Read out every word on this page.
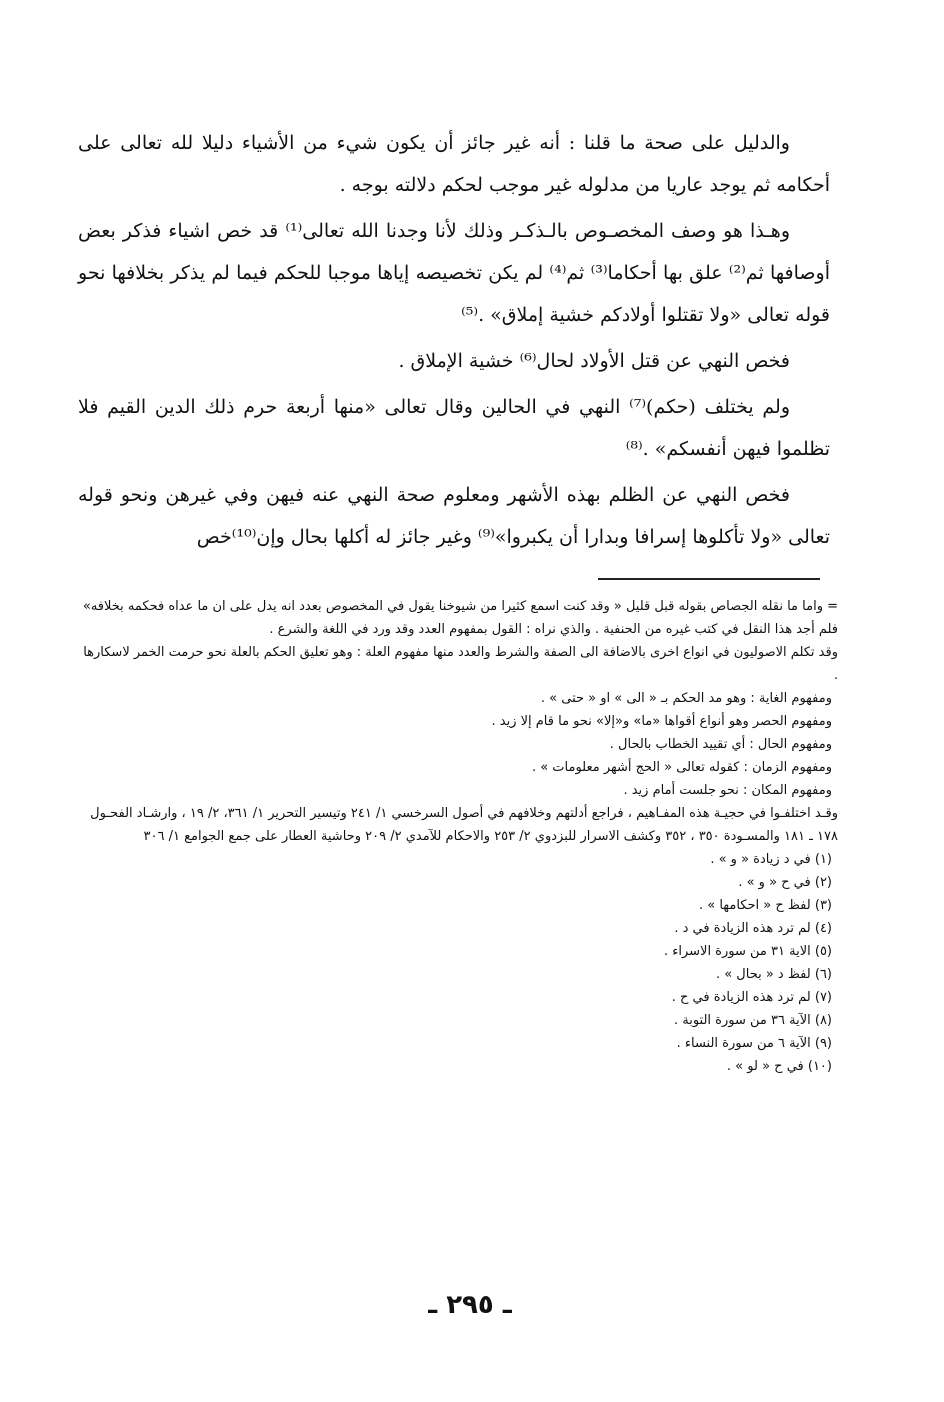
والدليل على صحة ما قلنا : أنه غير جائز أن يكون شيء من الأشياء دليلا لله تعالى على أحكامه ثم يوجد عاريا من مدلوله غير موجب لحكم دلالته بوجه .

وهـذا هو وصف المخصـوص بالـذكـر وذلك لأنا وجدنا الله تعالى⁽¹⁾ قد خص اشياء فذكر بعض أوصافها ثم⁽²⁾ علق بها أحكاما⁽³⁾ ثم⁽⁴⁾ لم يكن تخصيصه إياها موجبا للحكم فيما لم يذكر بخلافها نحو قوله تعالى «ولا تقتلوا أولادكم خشية إملاق» .⁽⁵⁾

فخص النهي عن قتل الأولاد لحال⁽⁶⁾ خشية الإملاق .

ولم يختلف (حكم)⁽⁷⁾ النهي في الحالين وقال تعالى «منها أربعة حرم ذلك الدين القيم فلا تظلموا فيهن أنفسكم» .⁽⁸⁾

فخص النهي عن الظلم بهذه الأشهر ومعلوم صحة النهي عنه فيهن وفي غيرهن ونحو قوله تعالى «ولا تأكلوها إسرافا وبدارا أن يكبروا»⁽⁹⁾ وغير جائز له أكلها بحال وإن⁽¹⁰⁾خص

= واما ما نقله الجصاص بقوله قبل قليل « وقد كنت اسمع كثيرا من شيوخنا يقول في المخصوص بعدد انه يدل على ان ما عداه فحكمه بخلافه» فلم أجد هذا النقل في كتب غيره من الحنفية . والذي نراه : القول بمفهوم العدد وقد ورد في اللغة والشرع .

وقد تكلم الاصوليون في انواع اخرى بالاضافة الى الصفة والشرط والعدد منها مفهوم العلة : وهو تعليق الحكم بالعلة نحو حرمت الخمر لاسكارها .

ومفهوم الغاية : وهو مد الحكم بـ « الى » او « حتى » .

ومفهوم الحصر وهو أنواع أقواها «ما» و«إلا» نحو ما قام إلا زيد .

ومفهوم الحال : أي تقييد الخطاب بالحال .

ومفهوم الزمان : كقوله تعالى « الحج أشهر معلومات » .

ومفهوم المكان : نحو جلست أمام زيد .

وقـد اختلفـوا في حجيـة هذه المفـاهيم ، فراجع أدلتهم وخلافهم في أصول السرخسي ١/ ٢٤١ وتيسير التحرير ١/ ٣٦١، ٢/ ١٩ ، وارشـاد الفحـول ١٧٨ ـ ١٨١ والمسـودة ٣٥٠ ، ٣٥٢ وكشف الاسرار للبزدوي ٢/ ٢٥٣ والاحكام للآمدي ٢/ ٢٠٩ وحاشية العطار على جمع الجوامع ١/ ٣٠٦

(١) في د زيادة « و » .

(٢) في ح « و » .

(٣) لفظ ح « احكامها » .

(٤) لم ترد هذه الزيادة في د .

(٥) الاية ٣١ من سورة الاسراء .

(٦) لفظ د « بحال » .

(٧) لم ترد هذه الزيادة في ح .

(٨) الآية ٣٦ من سورة التوبة .

(٩) الآية ٦ من سورة النساء .

(١٠) في ح « لو » .

ـ ٢٩٥ ـ
